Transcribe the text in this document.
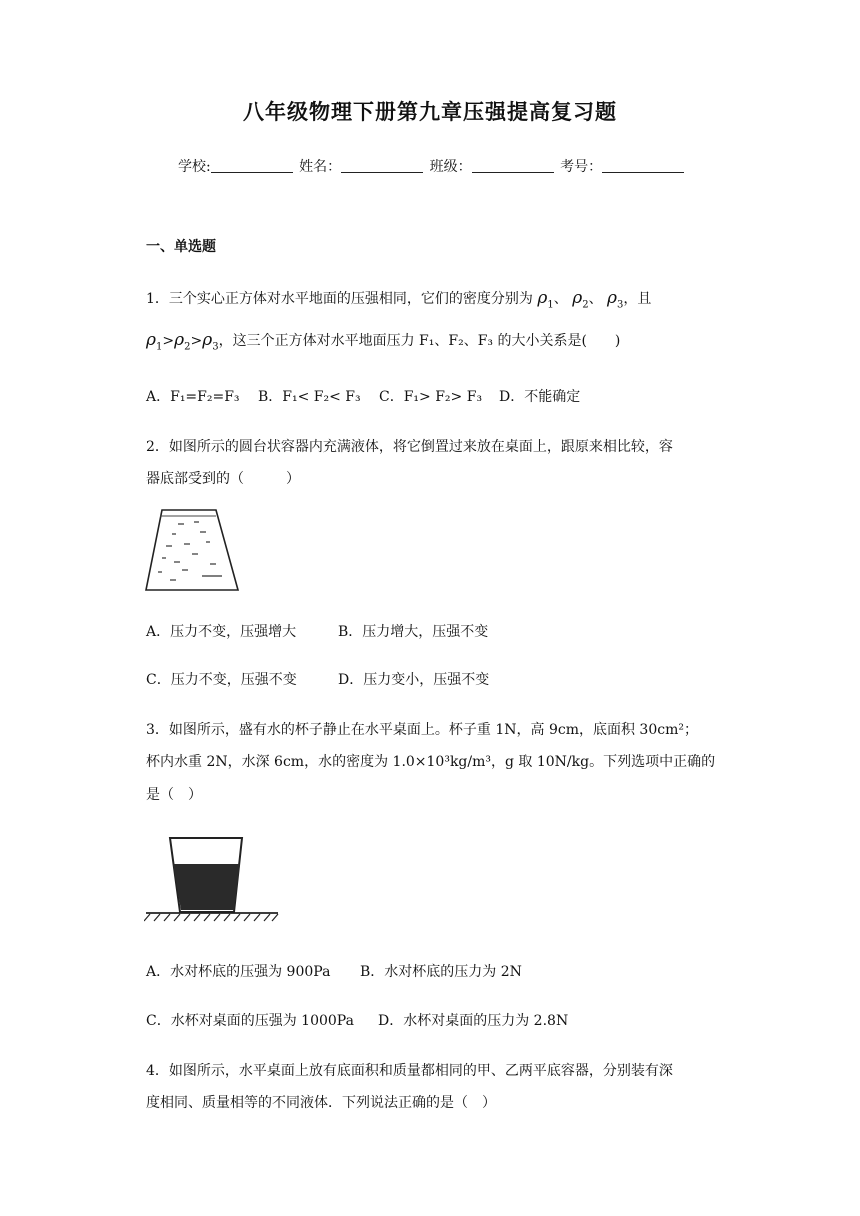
八年级物理下册第九章压强提高复习题
学校:	姓名：	班级：	考号：
一、单选题
1．三个实心正方体对水平地面的压强相同，它们的密度分别为 $\rho_1$、 $\rho_2$、 $\rho_3$，且
$\rho_1>\rho_2>\rho_3$，这三个正方体对水平地面压力 F₁、F₂、F₃ 的大小关系是(　　)
A．F₁=F₂=F₃ B．F₁< F₂< F₃ C．F₁> F₂> F₃ D．不能确定
2．如图所示的圆台状容器内充满液体，将它倒置过来放在桌面上，跟原来相比较，容
器底部受到的（　　　）
A．压力不变，压强增大	B．压力增大，压强不变
C．压力不变，压强不变	D．压力变小，压强不变
3．如图所示，盛有水的杯子静止在水平桌面上。杯子重 1N，高 9cm，底面积 30cm²；
杯内水重 2N，水深 6cm，水的密度为 1.0×10³kg/m³，g 取 10N/kg。下列选项中正确的
是（　）
A．水对杯底的压强为 900Pa B．水对杯底的压力为 2N
C．水杯对桌面的压强为 1000Pa D．水杯对桌面的压力为 2.8N
4．如图所示，水平桌面上放有底面积和质量都相同的甲、乙两平底容器，分别装有深
度相同、质量相等的不同液体．下列说法正确的是（　）
